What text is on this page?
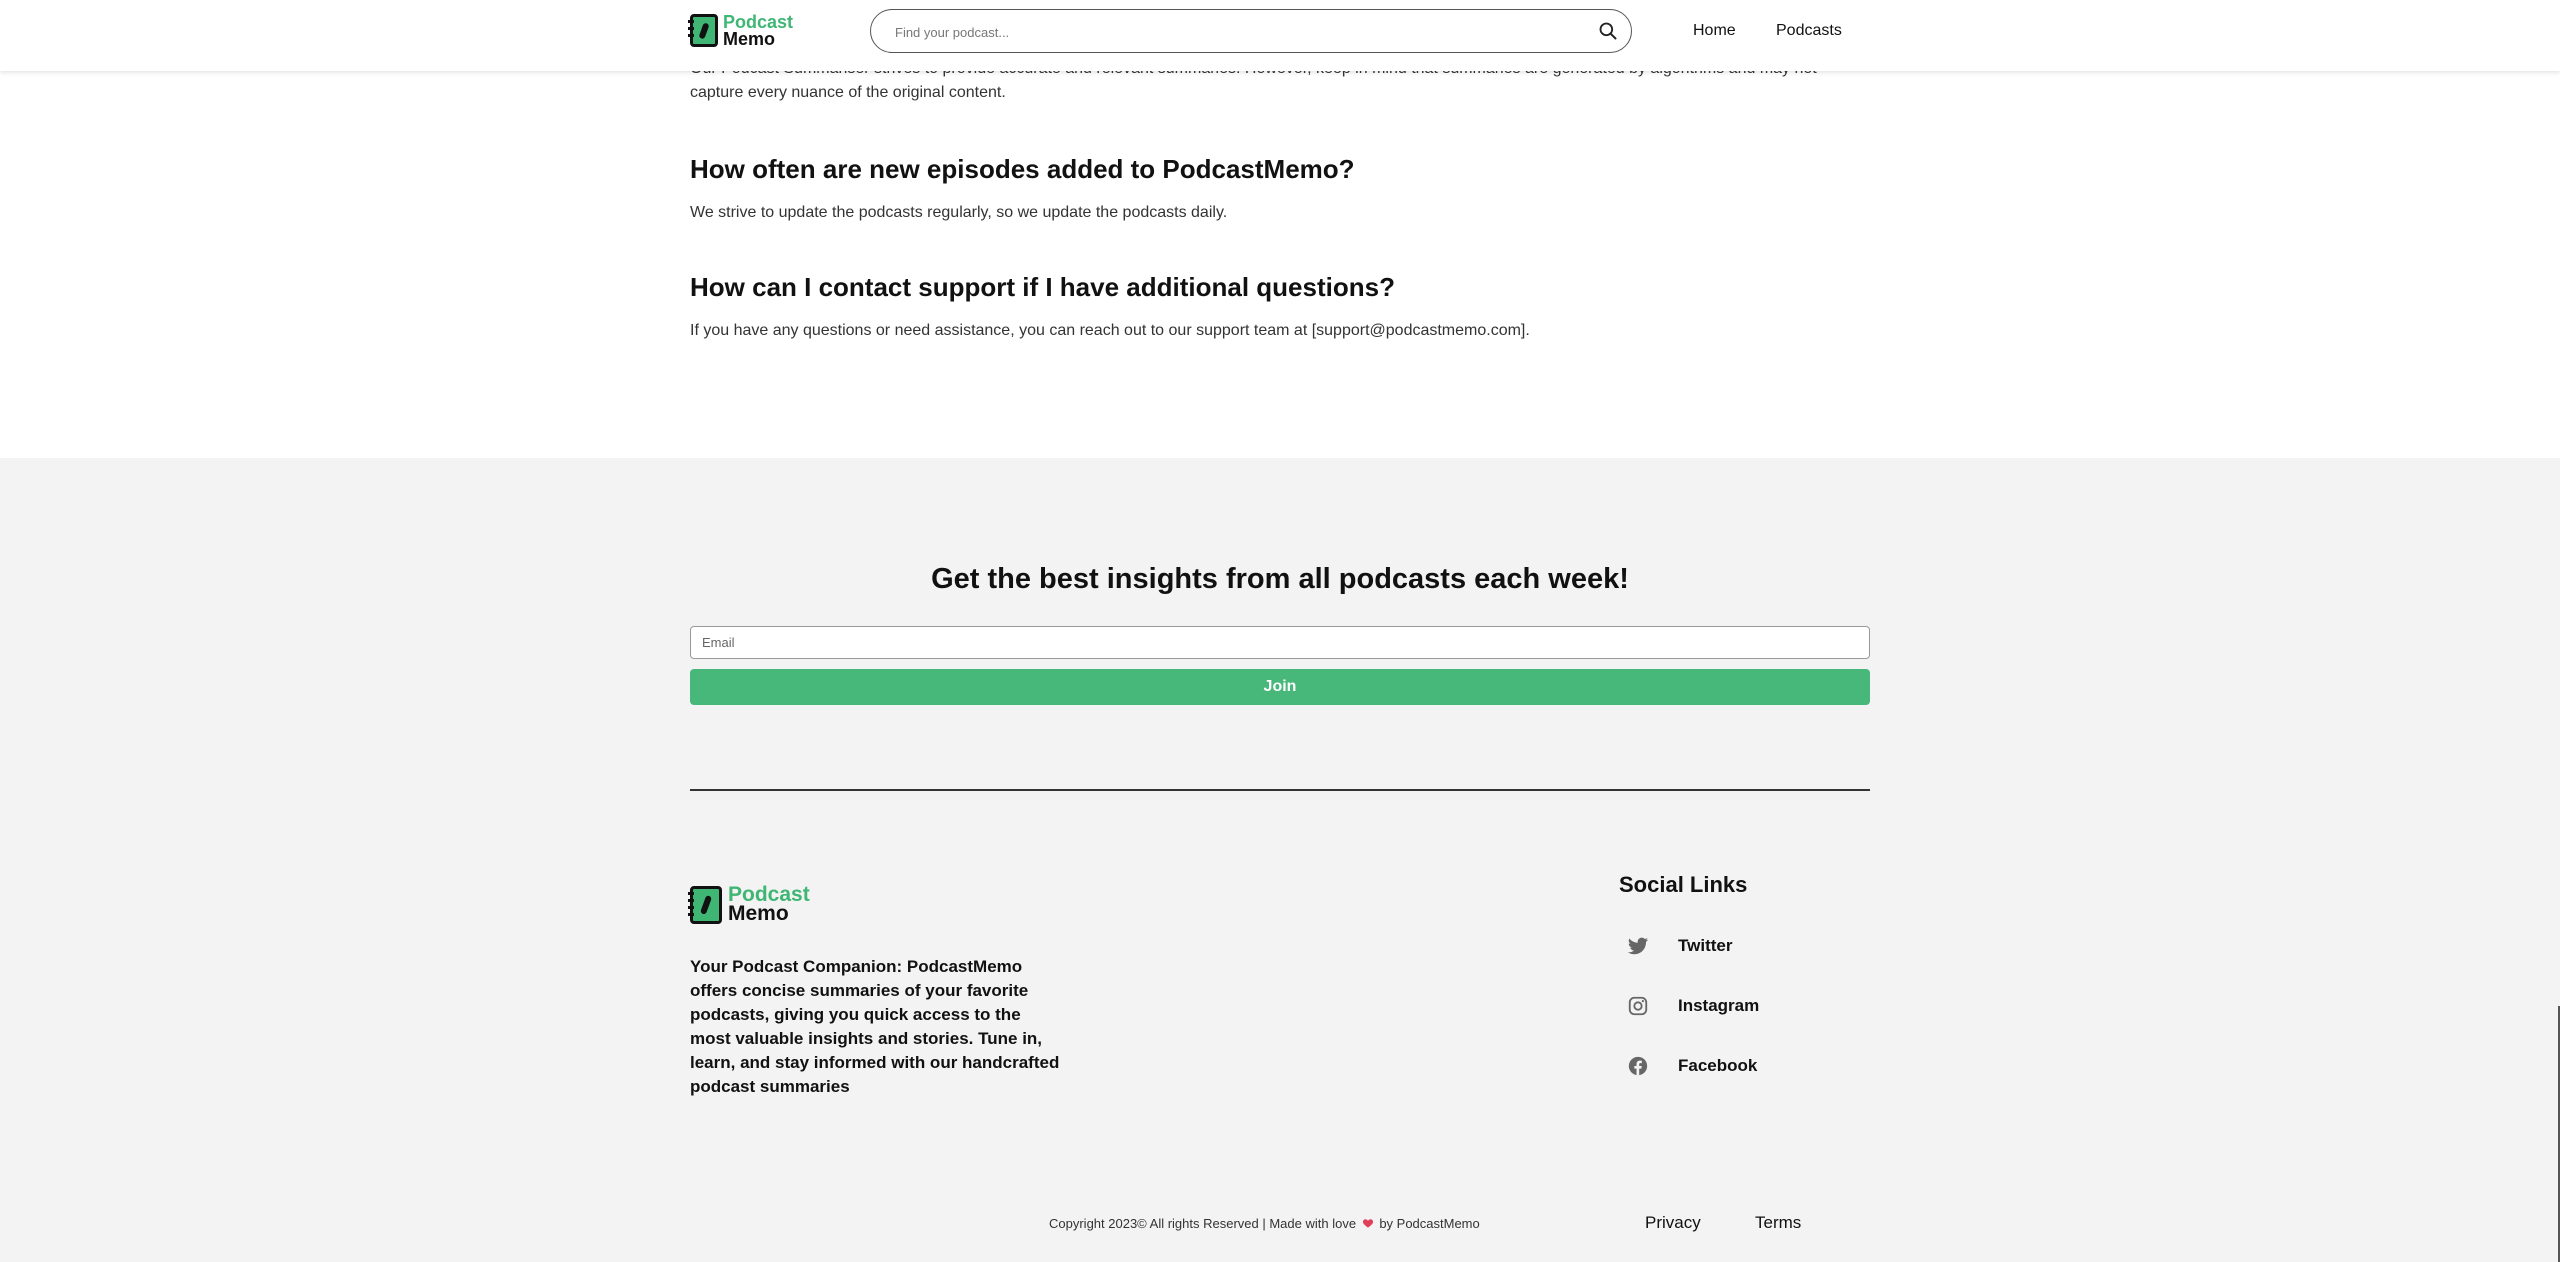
Podcast
Memo
Find your podcast...	Home	Podcasts

capture every nuance of the original content.

How often are new episodes added to PodcastMemo?

We strive to update the podcasts regularly, so we update the podcasts daily.

How can I contact support if I have additional questions?

If you have any questions or need assistance, you can reach out to our support team at [support@podcastmemo.com].

Get the best insights from all podcasts each week!
Email
Join
Podcast
Memo

Your Podcast Companion: PodcastMemo offers concise summaries of your favorite podcasts, giving you quick access to the most valuable insights and stories. Tune in, learn, and stay informed with our handcrafted podcast summaries

Social Links
Twitter
Instagram
Facebook
Copyright 2023© All rights Reserved | Made with love by PodcastMemo	Privacy	Terms
